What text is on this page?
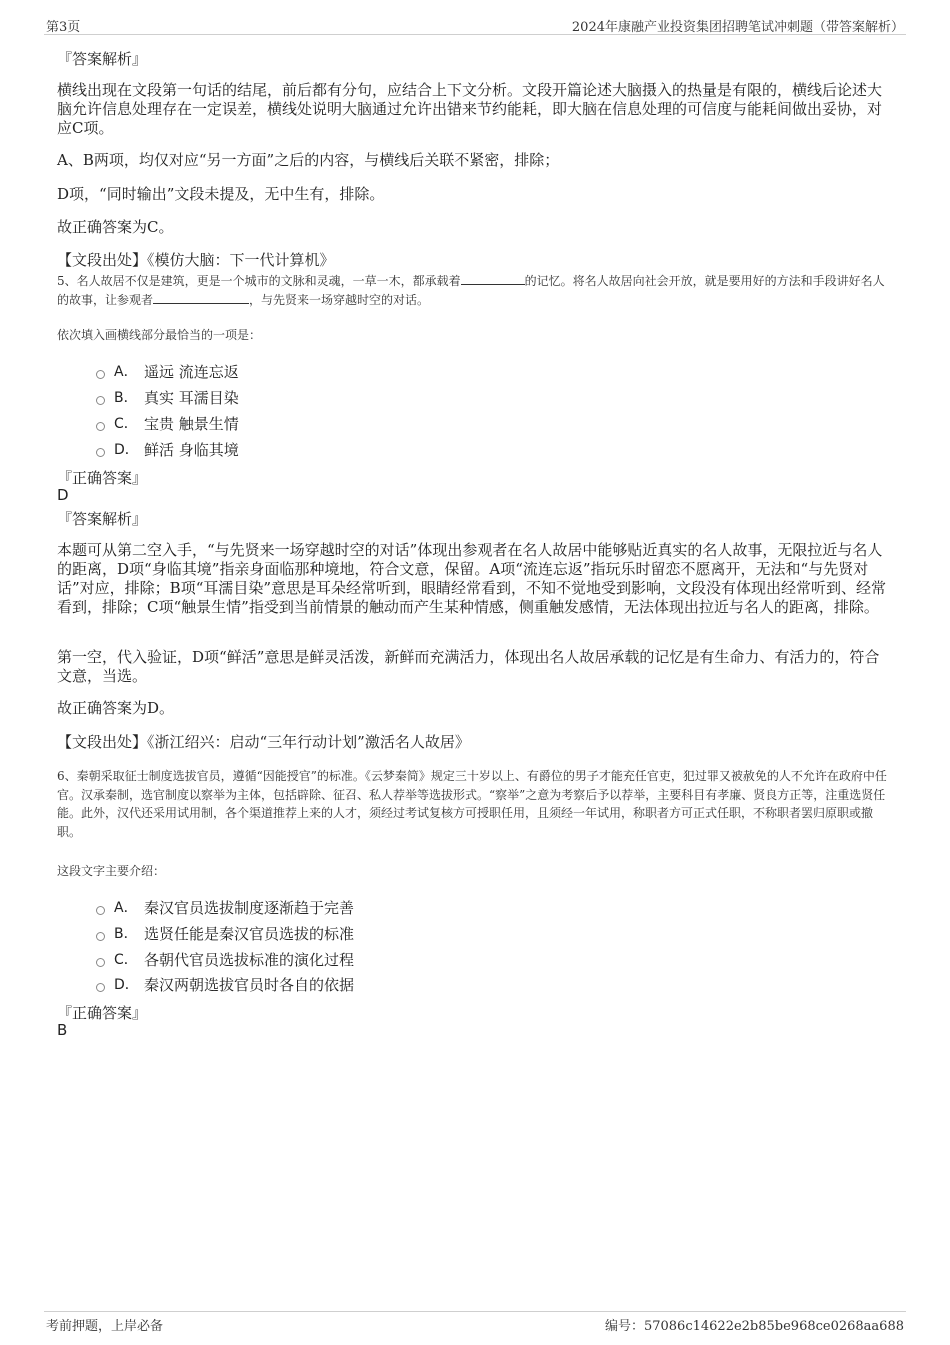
第3页	2024年康融产业投资集团招聘笔试冲刺题（带答案解析）
『答案解析』
横线出现在文段第一句话的结尾，前后都有分句，应结合上下文分析。文段开篇论述大脑摄入的热量是有限的，横线后论述大脑允许信息处理存在一定误差，横线处说明大脑通过允许出错来节约能耗，即大脑在信息处理的可信度与能耗间做出妥协，对应C项。
A、B两项，均仅对应“另一方面”之后的内容，与横线后关联不紧密，排除；
D项，“同时输出”文段未提及，无中生有，排除。
故正确答案为C。
【文段出处】《模仿大脑：下一代计算机》
5、名人故居不仅是建筑，更是一个城市的文脉和灵魂，一草一木，都承载着	的记忆。将名人故居向社会开放，就是要用好的方法和手段讲好名人的故事，让参观者	，与先贤来一场穿越时空的对话。
依次填入画横线部分最恰当的一项是：
A． 遥远 流连忘返
B． 真实 耳濡目染
C． 宝贵 触景生情
D． 鲜活 身临其境
『正确答案』
D
『答案解析』
本题可从第二空入手，“与先贤来一场穿越时空的对话”体现出参观者在名人故居中能够贴近真实的名人故事，无限拉近与名人的距离，D项“身临其境”指亲身面临那种境地，符合文意，保留。A项“流连忘返”指玩乐时留恋不愿离开，无法和“与先贤对话”对应，排除；B项“耳濡目染”意思是耳朵经常听到，眼睛经常看到，不知不觉地受到影响，文段没有体现出经常听到、经常看到，排除；C项“触景生情”指受到当前情景的触动而产生某种情感，侧重触发感情，无法体现出拉近与名人的距离，排除。
第一空，代入验证，D项“鲜活”意思是鲜灵活泼，新鲜而充满活力，体现出名人故居承载的记忆是有生命力、有活力的，符合文意，当选。
故正确答案为D。
【文段出处】《浙江绍兴：启动“三年行动计划”激活名人故居》
6、秦朝采取征士制度选拔官员，遵循“因能授官”的标准。《云梦秦简》规定三十岁以上、有爵位的男子才能充任官吏，犯过罪又被赦免的人不允许在政府中任官。汉承秦制，选官制度以察举为主体，包括辟除、征召、私人荐举等选拔形式。“察举”之意为考察后予以荐举，主要科目有孝廉、贤良方正等，注重选贤任能。此外，汉代还采用试用制，各个渠道推荐上来的人才，须经过考试复核方可授职任用，且须经一年试用，称职者方可正式任职，不称职者罢归原职或撤职。
这段文字主要介绍：
A． 秦汉官员选拔制度逐渐趋于完善
B． 选贤任能是秦汉官员选拔的标准
C． 各朝代官员选拔标准的演化过程
D． 秦汉两朝选拔官员时各自的依据
『正确答案』
B
考前押题，上岸必备	编号：57086c14622e2b85be968ce0268aa688
